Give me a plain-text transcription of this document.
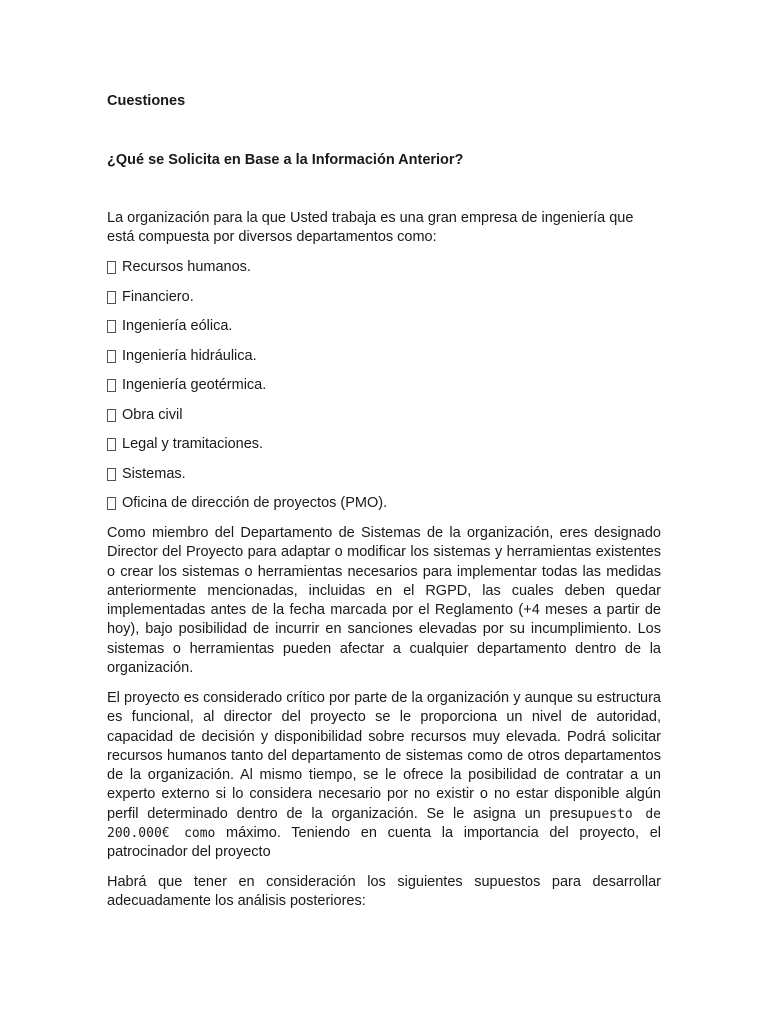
Cuestiones

¿Qué se Solicita en Base a la Información Anterior?

La organización para la que Usted trabaja es una gran empresa de ingeniería que está compuesta por diversos departamentos como:

Recursos humanos.
Financiero.
Ingeniería eólica.
Ingeniería hidráulica.
Ingeniería geotérmica.
Obra civil
Legal y tramitaciones.
Sistemas.
Oficina de dirección de proyectos (PMO).

Como miembro del Departamento de Sistemas de la organización, eres designado Director del Proyecto para adaptar o modificar los sistemas y herramientas existentes o crear los sistemas o herramientas necesarios para implementar todas las medidas anteriormente mencionadas, incluidas en el RGPD, las cuales deben quedar implementadas antes de la fecha marcada por el Reglamento (+4 meses a partir de hoy), bajo posibilidad de incurrir en sanciones elevadas por su incumplimiento. Los sistemas o herramientas pueden afectar a cualquier departamento dentro de la organización.

El proyecto es considerado crítico por parte de la organización y aunque su estructura es funcional, al director del proyecto se le proporciona un nivel de autoridad, capacidad de decisión y disponibilidad sobre recursos muy elevada. Podrá solicitar recursos humanos tanto del departamento de sistemas como de otros departamentos de la organización. Al mismo tiempo, se le ofrece la posibilidad de contratar a un experto externo si lo considera necesario por no existir o no estar disponible algún perfil determinado dentro de la organización. Se le asigna un presupuesto de 200.000€ como máximo. Teniendo en cuenta la importancia del proyecto, el patrocinador del proyecto

Habrá que tener en consideración los siguientes supuestos para desarrollar adecuadamente los análisis posteriores:
